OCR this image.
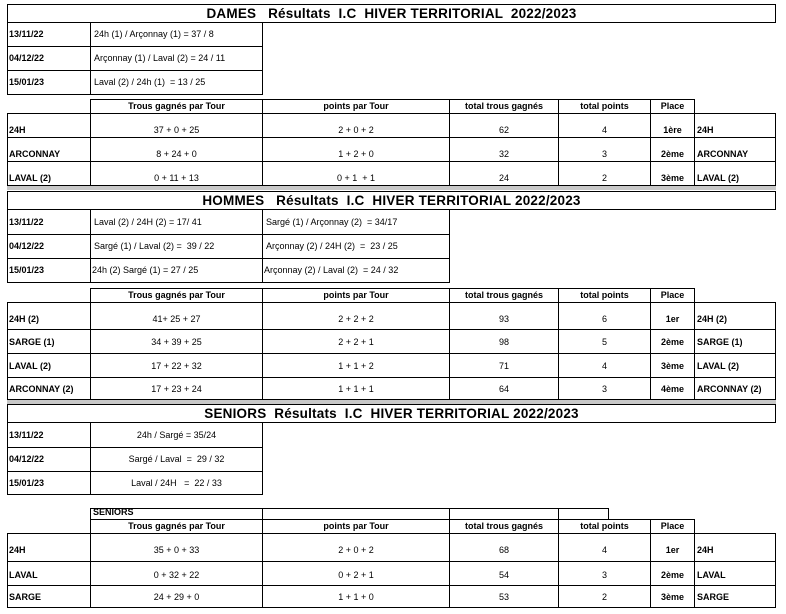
DAMES   Résultats  I.C  HIVER TERRITORIAL  2022/2023
13/11/22	24h (1) / Arçonnay (1) = 37 / 8
04/12/22	Arçonnay (1) / Laval (2) = 24 / 11
15/01/23	Laval (2) / 24h (1)  = 13 / 25
Trous gagnés par Tour	points par Tour	total trous gagnés	total points	Place
24H	37 + 0 + 25	2 + 0 + 2	62	4	1ère	24H
ARCONNAY	8 + 24 + 0	1 + 2 + 0	32	3	2ème	ARCONNAY
LAVAL (2)	0 + 11 + 13	0 + 1  + 1	24	2	3ème	LAVAL (2)
HOMMES   Résultats  I.C  HIVER TERRITORIAL 2022/2023
13/11/22	Laval (2) / 24H (2) = 17/ 41	Sargé (1) / Arçonnay (2)  = 34/17
04/12/22	Sargé (1) / Laval (2) =  39 / 22	Arçonnay (2) / 24H (2)  =  23 / 25
15/01/23	24h (2) Sargé (1) = 27 / 25	Arçonnay (2) / Laval (2)  = 24 / 32
Trous gagnés par Tour	points par Tour	total trous gagnés	total points	Place
24H (2)	41+ 25 + 27	2 + 2 + 2	93	6	1er	24H (2)
SARGE (1)	34 + 39 + 25	2 + 2 + 1	98	5	2ème	SARGE (1)
LAVAL (2)	17 + 22 + 32	1 + 1 + 2	71	4	3ème	LAVAL (2)
ARCONNAY (2)	17 + 23 + 24	1 + 1 + 1	64	3	4ème	ARCONNAY (2)
SENIORS  Résultats  I.C  HIVER TERRITORIAL 2022/2023
13/11/22	24h / Sargé = 35/24
04/12/22	Sargé / Laval  =  29 / 32
15/01/23	Laval / 24H   =  22 / 33
SENIORS
Trous gagnés par Tour	points par Tour	total trous gagnés	total points	Place
24H	35 + 0 + 33	2 + 0 + 2	68	4	1er	24H
LAVAL	0 + 32 + 22	0 + 2 + 1	54	3	2ème	LAVAL
SARGE	24 + 29 + 0	1 + 1 + 0	53	2	3ème	SARGE
